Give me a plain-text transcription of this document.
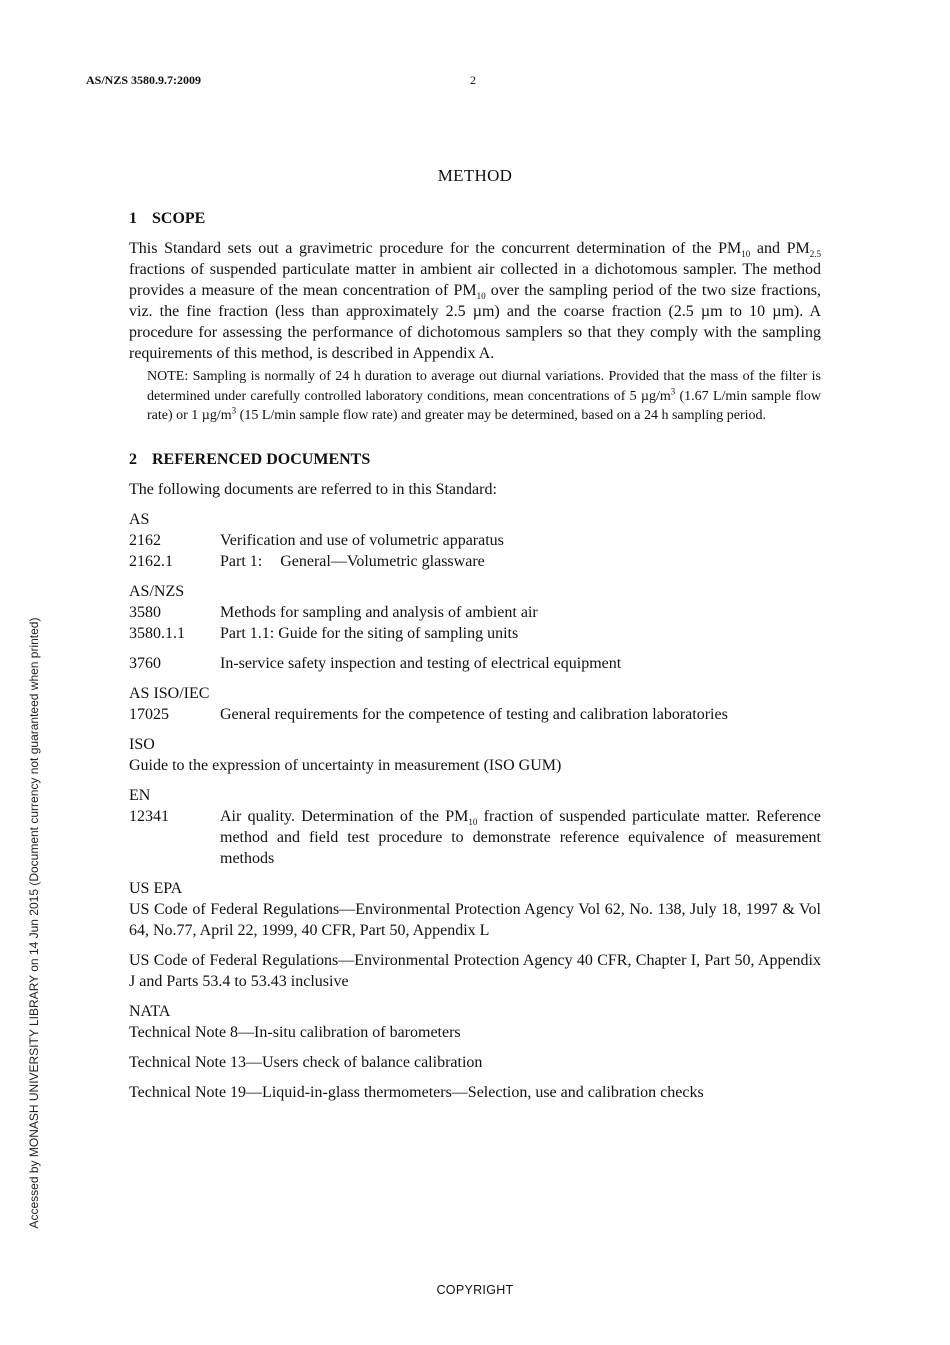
AS/NZS 3580.9.7:2009	2
Accessed by MONASH UNIVERSITY LIBRARY on 14 Jun 2015 (Document currency not guaranteed when printed)
METHOD
1 SCOPE

This Standard sets out a gravimetric procedure for the concurrent determination of the $PM_{10}$ and $PM_{2.5}$ fractions of suspended particulate matter in ambient air collected in a dichotomous sampler. The method provides a measure of the mean concentration of $PM_{10}$ over the sampling period of the two size fractions, viz. the fine fraction (less than approximately 2.5 µm) and the coarse fraction (2.5 µm to 10 µm). A procedure for assessing the performance of dichotomous samplers so that they comply with the sampling requirements of this method, is described in Appendix A.

NOTE: Sampling is normally of 24 h duration to average out diurnal variations. Provided that the mass of the filter is determined under carefully controlled laboratory conditions, mean concentrations of 5 $\mu g/m^3$ (1.67 L/min sample flow rate) or 1 $\mu g/m^3$ (15 L/min sample flow rate) and greater may be determined, based on a 24 h sampling period.

2 REFERENCED DOCUMENTS

The following documents are referred to in this Standard:

AS
2162	Verification and use of volumetric apparatus
2162.1	Part 1: General—Volumetric glassware
AS/NZS
3580	Methods for sampling and analysis of ambient air
3580.1.1	Part 1.1: Guide for the siting of sampling units
3760	In-service safety inspection and testing of electrical equipment
AS ISO/IEC
17025	General requirements for the competence of testing and calibration laboratories
ISO
Guide to the expression of uncertainty in measurement (ISO GUM)
EN
12341	Air quality. Determination of the $PM_{10}$ fraction of suspended particulate matter. Reference method and field test procedure to demonstrate reference equivalence of measurement methods
US EPA

US Code of Federal Regulations—Environmental Protection Agency Vol 62, No. 138, July 18, 1997 & Vol 64, No.77, April 22, 1999, 40 CFR, Part 50, Appendix L

US Code of Federal Regulations—Environmental Protection Agency 40 CFR, Chapter I, Part 50, Appendix J and Parts 53.4 to 53.43 inclusive

NATA
Technical Note 8—In-situ calibration of barometers
Technical Note 13—Users check of balance calibration
Technical Note 19—Liquid-in-glass thermometers—Selection, use and calibration checks
COPYRIGHT
